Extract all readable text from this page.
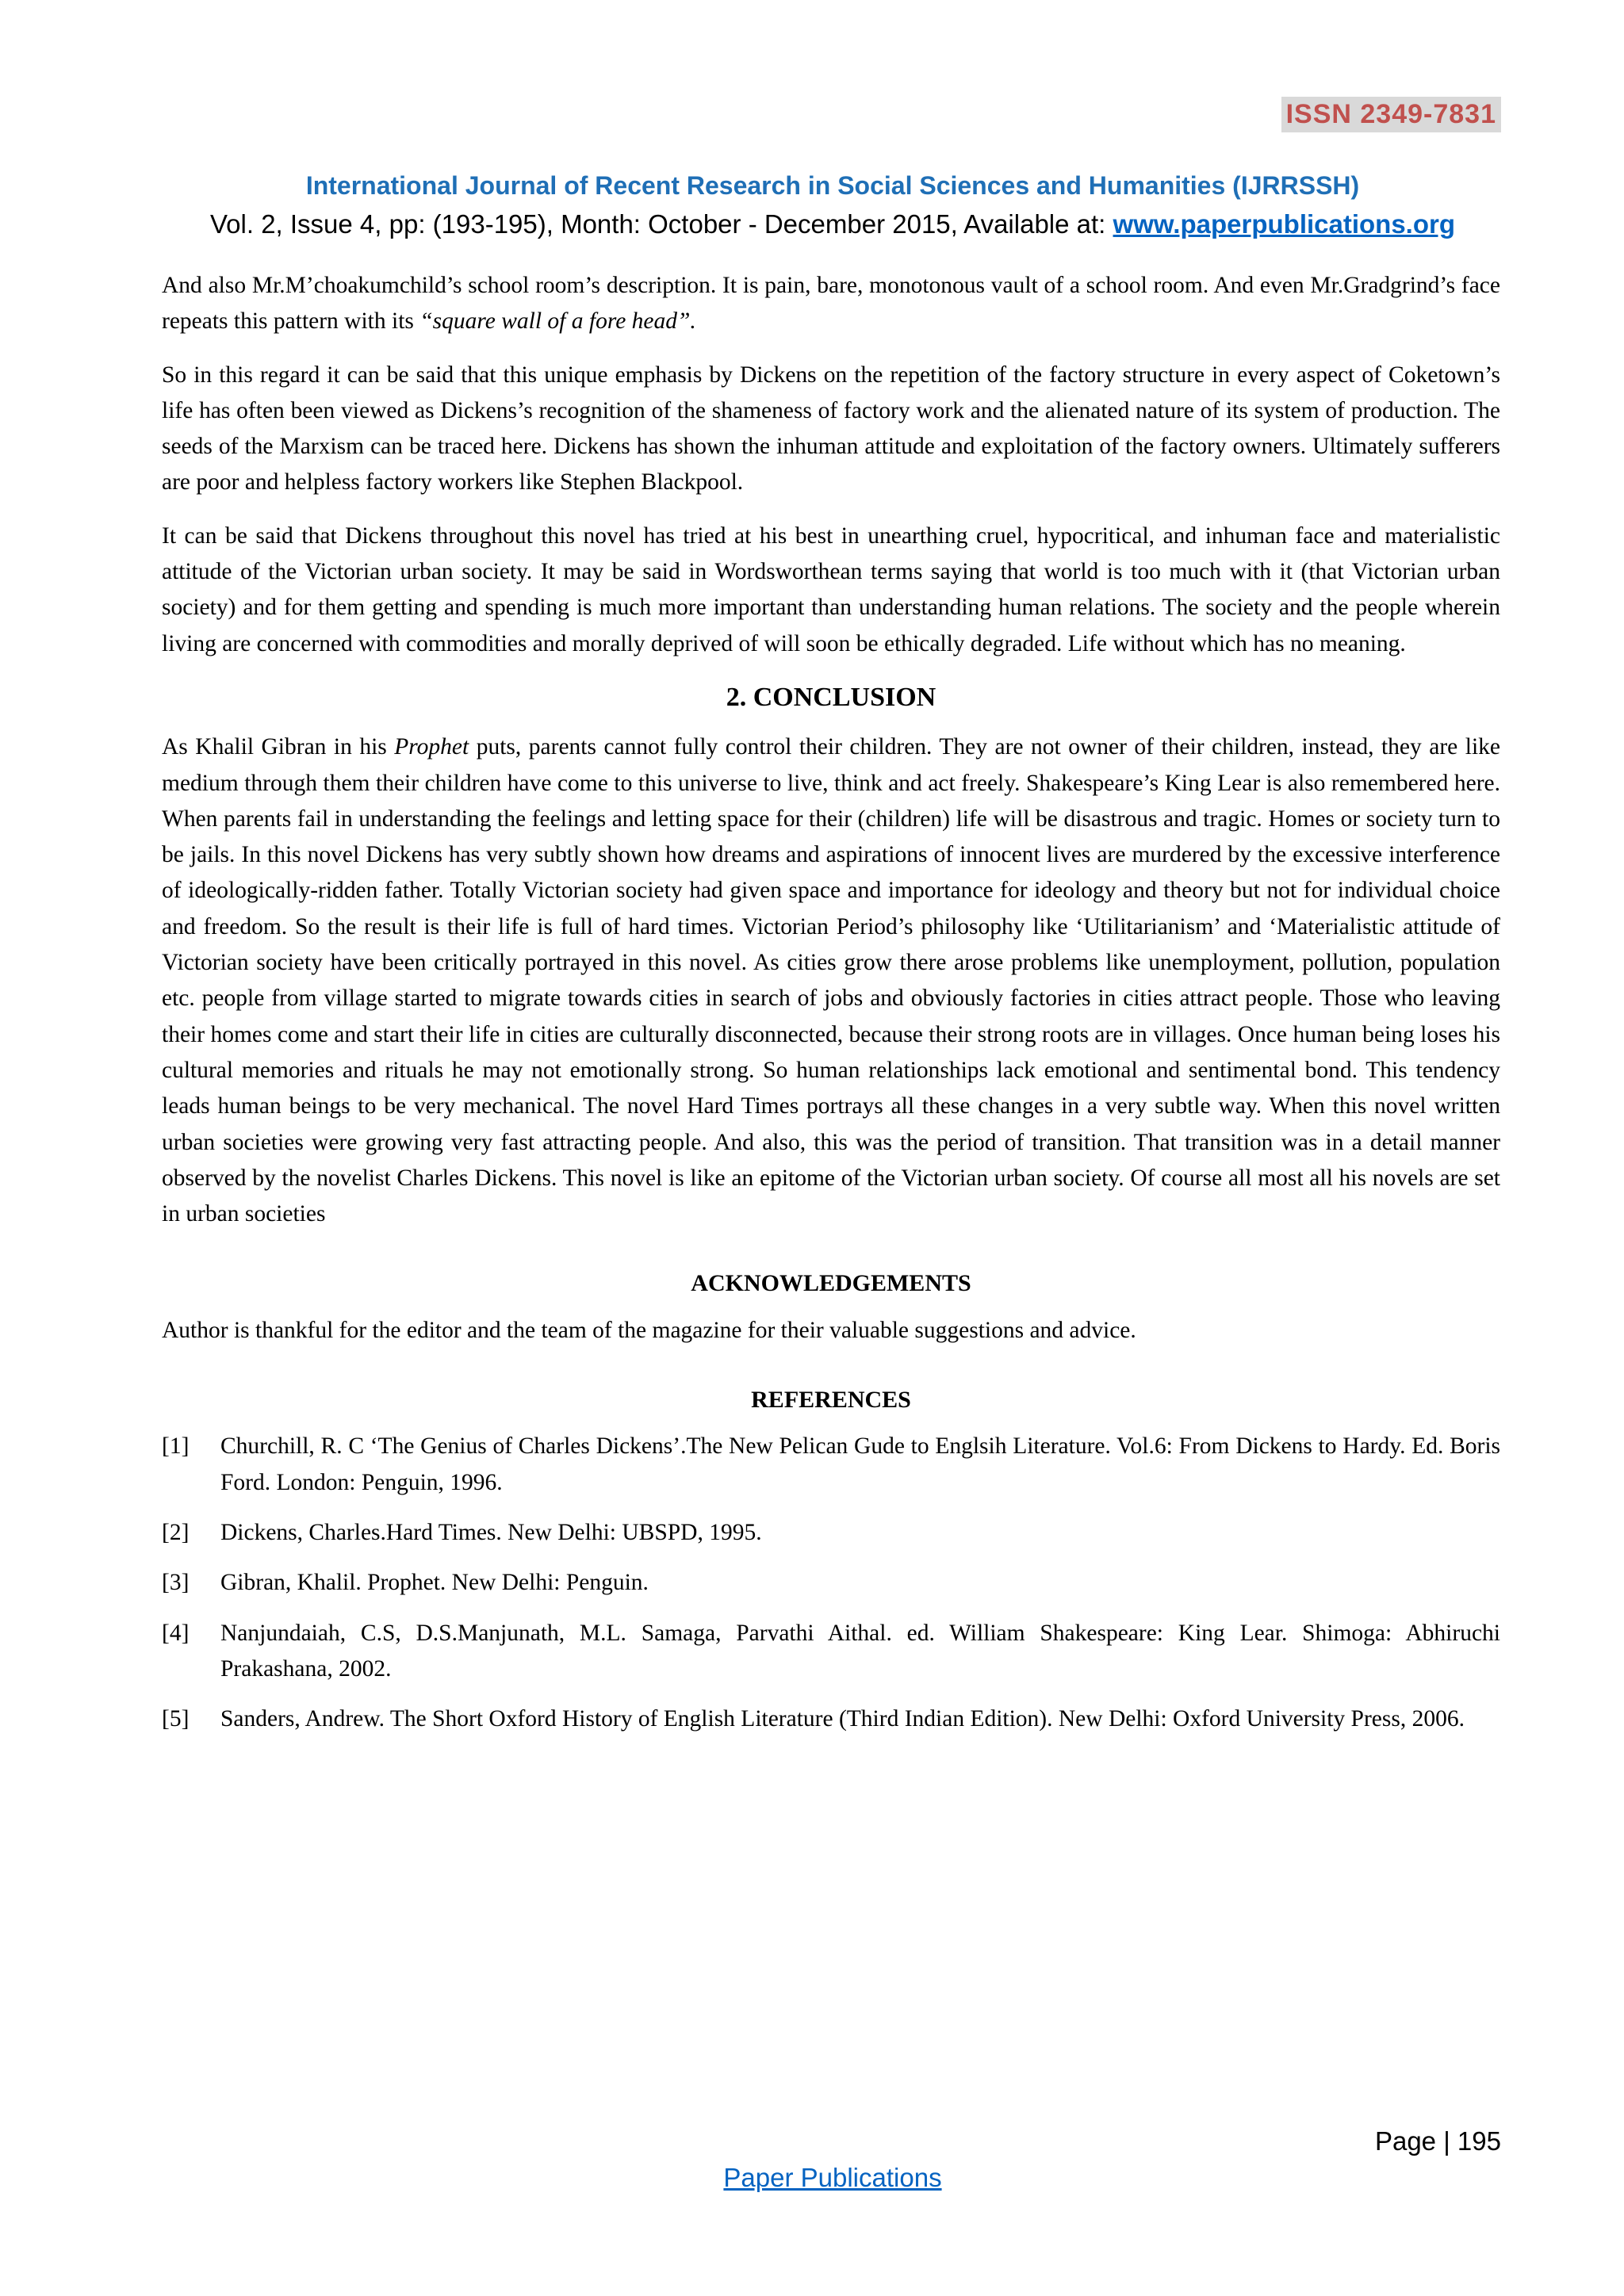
ISSN 2349-7831
International Journal of Recent Research in Social Sciences and Humanities (IJRRSSH)
Vol. 2, Issue 4, pp: (193-195), Month: October - December 2015, Available at: www.paperpublications.org

And also Mr.M’choakumchild’s school room’s description. It is pain, bare, monotonous vault of a school room. And even Mr.Gradgrind’s face repeats this pattern with its “square wall of a fore head”.

So in this regard it can be said that this unique emphasis by Dickens on the repetition of the factory structure in every aspect of Coketown’s life has often been viewed as Dickens’s recognition of the shameness of factory work and the alienated nature of its system of production. The seeds of the Marxism can be traced here. Dickens has shown the inhuman attitude and exploitation of the factory owners. Ultimately sufferers are poor and helpless factory workers like Stephen Blackpool.

It can be said that Dickens throughout this novel has tried at his best in unearthing cruel, hypocritical, and inhuman face and materialistic attitude of the Victorian urban society. It may be said in Wordsworthean terms saying that world is too much with it (that Victorian urban society) and for them getting and spending is much more important than understanding human relations. The society and the people wherein living are concerned with commodities and morally deprived of will soon be ethically degraded. Life without which has no meaning.

2. CONCLUSION

As Khalil Gibran in his Prophet puts, parents cannot fully control their children. They are not owner of their children, instead, they are like medium through them their children have come to this universe to live, think and act freely. Shakespeare’s King Lear is also remembered here. When parents fail in understanding the feelings and letting space for their (children) life will be disastrous and tragic. Homes or society turn to be jails. In this novel Dickens has very subtly shown how dreams and aspirations of innocent lives are murdered by the excessive interference of ideologically-ridden father. Totally Victorian society had given space and importance for ideology and theory but not for individual choice and freedom. So the result is their life is full of hard times. Victorian Period’s philosophy like ‘Utilitarianism’ and ‘Materialistic attitude of Victorian society have been critically portrayed in this novel. As cities grow there arose problems like unemployment, pollution, population etc. people from village started to migrate towards cities in search of jobs and obviously factories in cities attract people. Those who leaving their homes come and start their life in cities are culturally disconnected, because their strong roots are in villages. Once human being loses his cultural memories and rituals he may not emotionally strong. So human relationships lack emotional and sentimental bond. This tendency leads human beings to be very mechanical. The novel Hard Times portrays all these changes in a very subtle way. When this novel written urban societies were growing very fast attracting people. And also, this was the period of transition. That transition was in a detail manner observed by the novelist Charles Dickens. This novel is like an epitome of the Victorian urban society. Of course all most all his novels are set in urban societies

ACKNOWLEDGEMENTS

Author is thankful for the editor and the team of the magazine for their valuable suggestions and advice.

REFERENCES
[1]	Churchill, R. C ‘The Genius of Charles Dickens’.The New Pelican Gude to Englsih Literature. Vol.6: From Dickens to Hardy. Ed. Boris Ford. London: Penguin, 1996.
[2]	Dickens, Charles.Hard Times. New Delhi: UBSPD, 1995.
[3]	Gibran, Khalil. Prophet. New Delhi: Penguin.
[4]	Nanjundaiah, C.S, D.S.Manjunath, M.L. Samaga, Parvathi Aithal. ed. William Shakespeare: King Lear. Shimoga: Abhiruchi Prakashana, 2002.
[5]	Sanders, Andrew. The Short Oxford History of English Literature (Third Indian Edition). New Delhi: Oxford University Press, 2006.
Page | 195
Paper Publications
